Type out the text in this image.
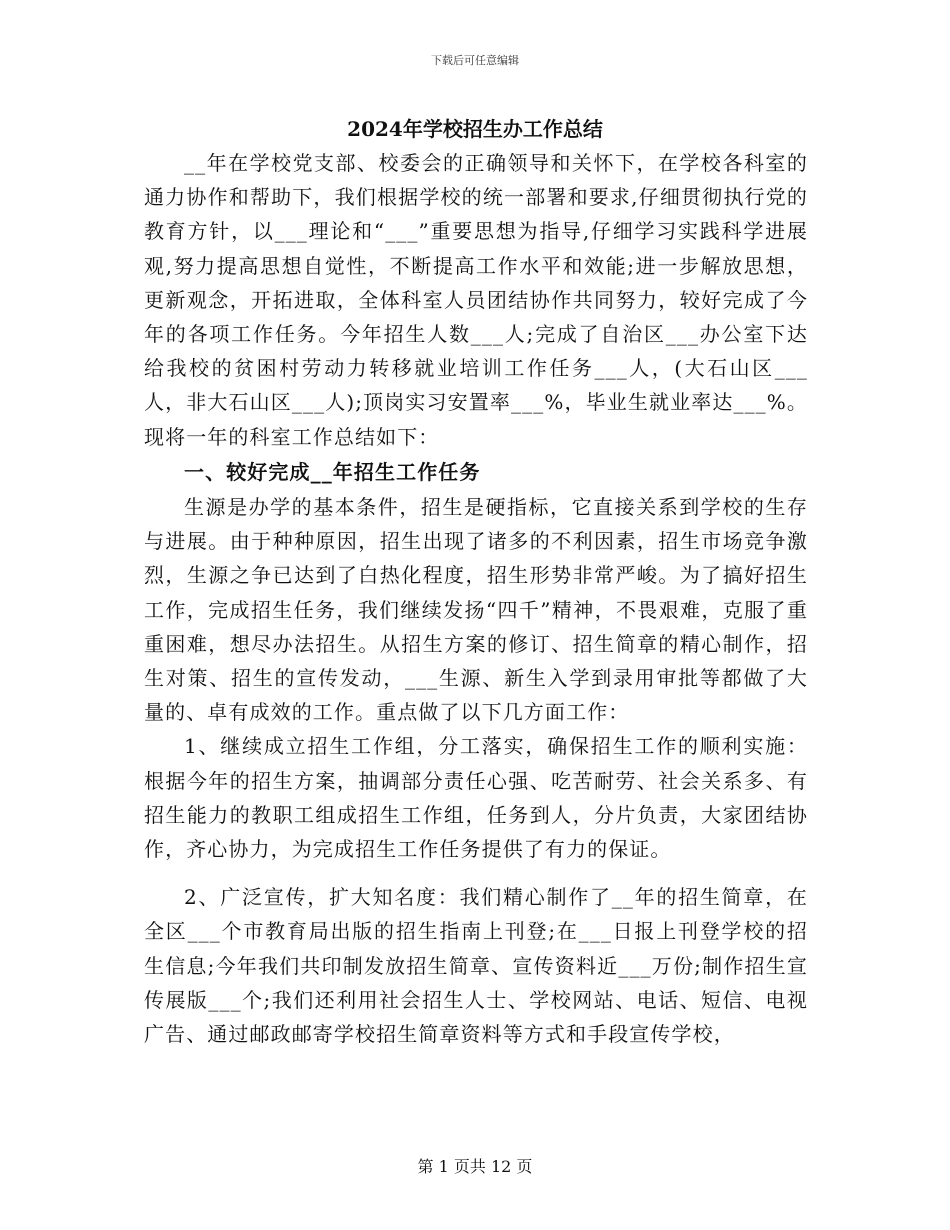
下载后可任意编辑
2024年学校招生办工作总结

__年在学校党支部、校委会的正确领导和关怀下，在学校各科室的通力协作和帮助下，我们根据学校的统一部署和要求,仔细贯彻执行党的教育方针，以___理论和“___”重要思想为指导,仔细学习实践科学进展观,努力提高思想自觉性，不断提高工作水平和效能;进一步解放思想，更新观念，开拓进取，全体科室人员团结协作共同努力，较好完成了今年的各项工作任务。今年招生人数___人;完成了自治区___办公室下达给我校的贫困村劳动力转移就业培训工作任务___人，(大石山区___人，非大石山区___人);顶岗实习安置率___%，毕业生就业率达___%。现将一年的科室工作总结如下：

一、较好完成__年招生工作任务

生源是办学的基本条件，招生是硬指标，它直接关系到学校的生存与进展。由于种种原因，招生出现了诸多的不利因素，招生市场竞争激烈，生源之争已达到了白热化程度，招生形势非常严峻。为了搞好招生工作，完成招生任务，我们继续发扬“四千”精神，不畏艰难，克服了重重困难，想尽办法招生。从招生方案的修订、招生简章的精心制作，招生对策、招生的宣传发动，___生源、新生入学到录用审批等都做了大量的、卓有成效的工作。重点做了以下几方面工作：

1、继续成立招生工作组，分工落实，确保招生工作的顺利实施：根据今年的招生方案，抽调部分责任心强、吃苦耐劳、社会关系多、有招生能力的教职工组成招生工作组，任务到人，分片负责，大家团结协作，齐心协力，为完成招生工作任务提供了有力的保证。

2、广泛宣传，扩大知名度：我们精心制作了__年的招生简章，在全区___个市教育局出版的招生指南上刊登;在___日报上刊登学校的招生信息;今年我们共印制发放招生简章、宣传资料近___万份;制作招生宣传展版___个;我们还利用社会招生人士、学校网站、电话、短信、电视广告、通过邮政邮寄学校招生简章资料等方式和手段宣传学校，

第 1 页共 12 页
